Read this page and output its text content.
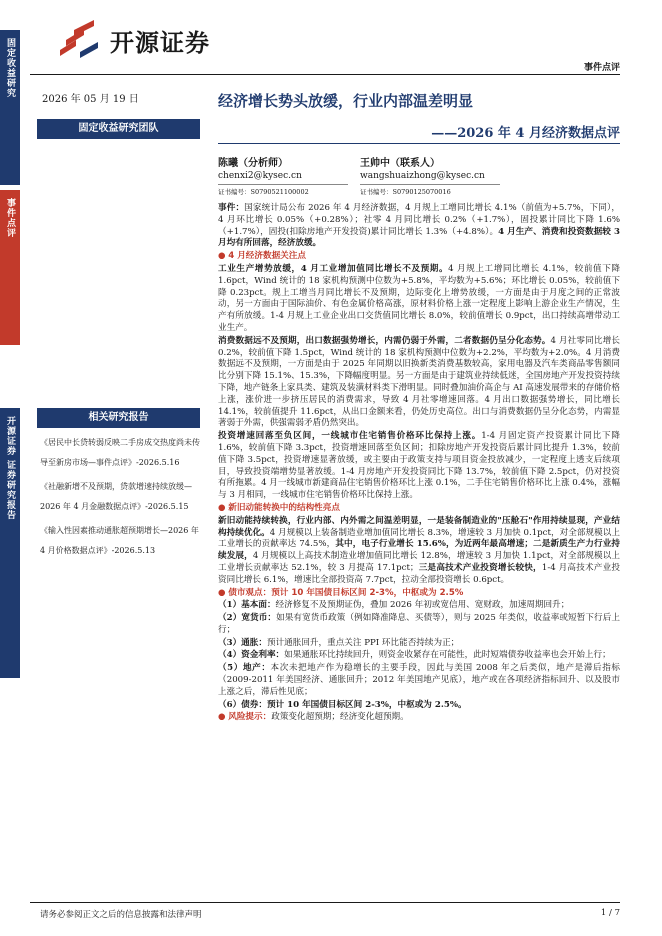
固定收益研究
事件点评
开源证券 证券研究报告
开源证券
事件点评
2026 年 05 月 19 日
固定收益研究团队
经济增长势头放缓，行业内部温差明显
——2026 年 4 月经济数据点评
陈曦（分析师）
chenxi2@kysec.cn
证书编号：S0790521100002
王帅中（联系人）
wangshuaizhong@kysec.cn
证书编号：S0790125070016
相关研究报告
《居民中长贷转弱反映二手房成交热度尚未传导至新房市场—事件点评》-2026.5.16
《社融新增不及预期，贷款增速持续放缓—2026 年 4 月金融数据点评》-2026.5.15
《输入性因素推动通胀超预期增长—2026 年 4 月价格数据点评》-2026.5.13

事件：国家统计局公布 2026 年 4 月经济数据，4 月规上工增同比增长 4.1%（前值为+5.7%，下同），4 月环比增长 0.05%（+0.28%）；社零 4 月同比增长 0.2%（+1.7%），固投累计同比下降 1.6%（+1.7%），固投(扣除房地产开发投资)累计同比增长 1.3%（+4.8%）。4 月生产、消费和投资数据较 3 月均有所回落，经济放缓。

● 4 月经济数据关注点

工业生产增势放缓，4 月工业增加值同比增长不及预期。4 月规上工增同比增长 4.1%，较前值下降 1.6pct，Wind 统计的 18 家机构预测中位数为+5.8%，平均数为+5.6%；环比增长 0.05%，较前值下降 0.23pct。规上工增当月同比增长不及预期，边际变化上增势放缓，一方面是由于月度之间的正常波动，另一方面由于国际油价、有色金属价格高涨，原材料价格上涨一定程度上影响上游企业生产情况，生产有所放缓。1-4 月规上工业企业出口交货值同比增长 8.0%，较前值增长 0.9pct，出口持续高增带动工业生产。

消费数据远不及预期，出口数据强势增长，内需仍弱于外需，二者数据仍呈分化态势。4 月社零同比增长 0.2%，较前值下降 1.5pct，Wind 统计的 18 家机构预测中位数为+2.2%，平均数为+2.0%。4 月消费数据远不及预期，一方面是由于 2025 年同期以旧换新类消费基数较高，家用电器及汽车类商品零售额同比分别下降 15.1%、15.3%，下降幅度明显。另一方面是由于建筑业持续低迷，全国房地产开发投资持续下降，地产链条上家具类、建筑及装潢材料类下滑明显。同时叠加油价高企与 AI 高速发展带来的存储价格上涨，涨价进一步挤压居民的消费需求，导致 4 月社零增速回落。4 月出口数据强势增长，同比增长 14.1%，较前值提升 11.6pct，从出口金额来看，仍处历史高位。出口与消费数据仍呈分化态势，内需显著弱于外需，供强需弱矛盾仍然突出。

投资增速回落至负区间，一线城市住宅销售价格环比保持上涨。1-4 月固定资产投资累计同比下降 1.6%，较前值下降 3.3pct，投资增速回落至负区间；扣除房地产开发投资后累计同比提升 1.3%，较前值下降 3.5pct，投资增速显著放缓，或主要由于政策支持与项目资金投放减少，一定程度上透支后续项目，导致投资端增势显著放缓。1-4 月房地产开发投资同比下降 13.7%，较前值下降 2.5pct，仍对投资有所拖累。4 月一线城市新建商品住宅销售价格环比上涨 0.1%，二手住宅销售价格环比上涨 0.4%，涨幅与 3 月相同，一线城市住宅销售价格环比保持上涨。

● 新旧动能转换中的结构性亮点

新旧动能持续转换，行业内部、内外需之间温差明显，一是装备制造业的"压舱石"作用持续显现，产业结构持续优化。4 月规模以上装备制造业增加值同比增长 8.3%，增速较 3 月加快 0.1pct，对全部规模以上工业增长的贡献率达 74.5%，其中，电子行业增长 15.6%，为近两年最高增速；二是新质生产力行业持续发展，4 月规模以上高技术制造业增加值同比增长 12.8%，增速较 3 月加快 1.1pct，对全部规模以上工业增长贡献率达 52.1%，较 3 月提高 17.1pct；三是高技术产业投资增长较快，1-4 月高技术产业投资同比增长 6.1%，增速比全部投资高 7.7pct，拉动全部投资增长 0.6pct。

● 债市观点：预计 10 年国债目标区间 2-3%，中枢或为 2.5%

（1）基本面：经济修复不及预期证伪，叠加 2026 年初或宽信用、宽财政，加速周期回升；

（2）宽货币：如果有宽货币政策（例如降准降息、买债等），则与 2025 年类似，收益率或短暂下行后上行；

（3）通胀：预计通胀回升，重点关注 PPI 环比能否持续为正；

（4）资金利率：如果通胀环比持续回升，则资金收紧存在可能性，此时短端债券收益率也会开始上行；

（5）地产：本次未把地产作为稳增长的主要手段，因此与美国 2008 年之后类似，地产是滞后指标（2009-2011 年美国经济、通胀回升；2012 年美国地产见底），地产或在各项经济指标回升、以及股市上涨之后，滞后性见底；

（6）债券：预计 10 年国债目标区间 2-3%，中枢或为 2.5%。

● 风险提示：政策变化超预期；经济变化超预期。

请务必参阅正文之后的信息披露和法律声明	1 / 7
